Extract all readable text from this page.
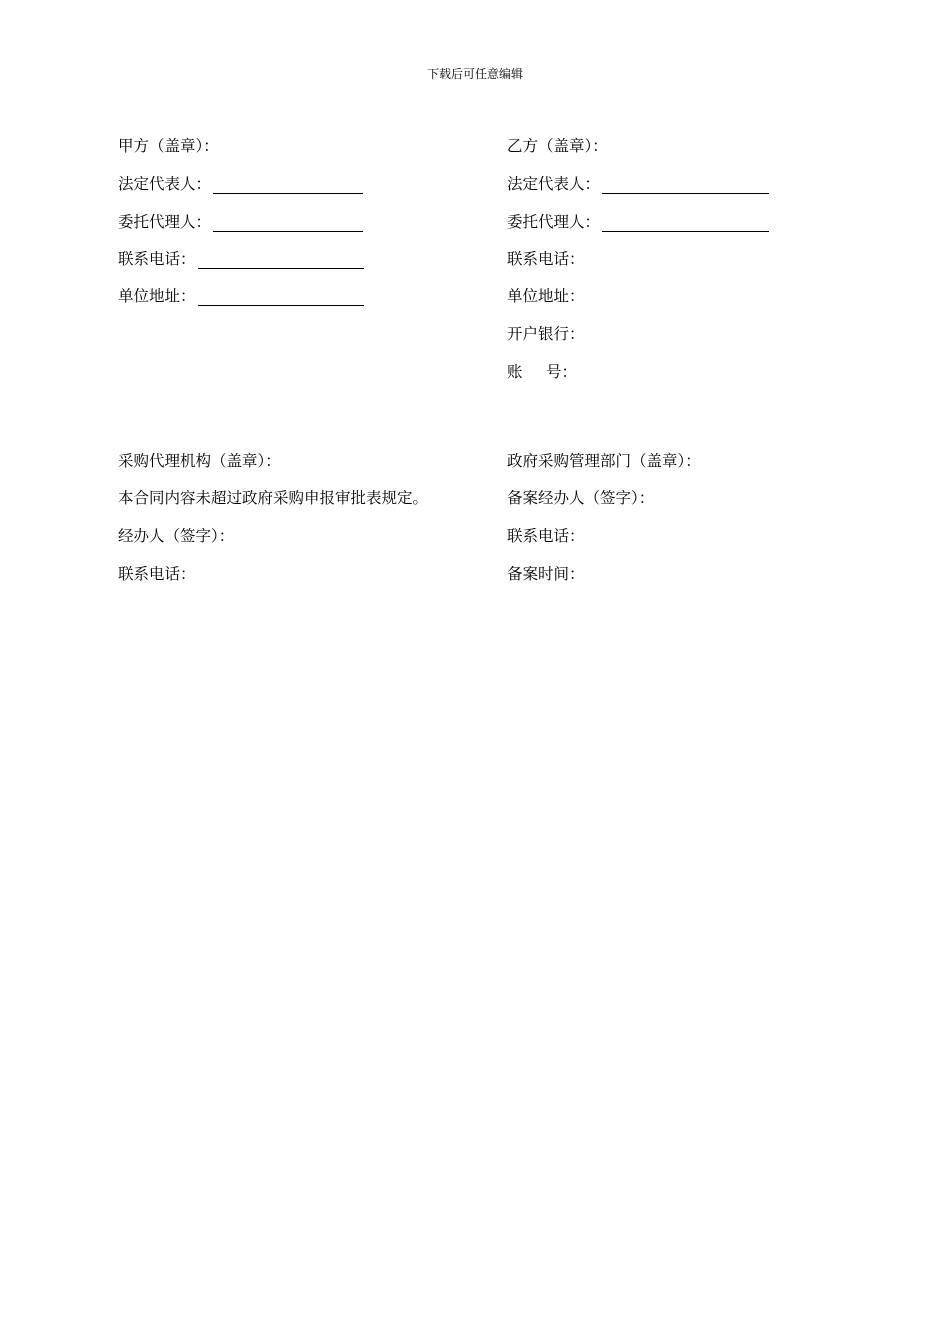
下载后可任意编辑
甲方（盖章）：
法定代表人：
委托代理人：
联系电话：
单位地址：
乙方（盖章）：
法定代表人：
委托代理人：
联系电话：
单位地址：
开户银行：
账 号：
采购代理机构（盖章）：
本合同内容未超过政府采购申报审批表规定。
经办人（签字）：
联系电话：
政府采购管理部门（盖章）：
备案经办人（签字）：
联系电话：
备案时间：
